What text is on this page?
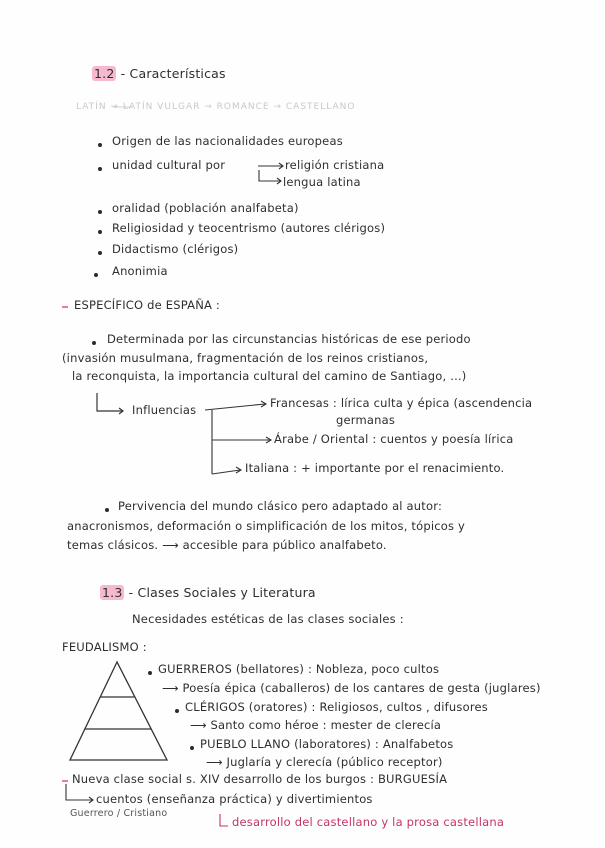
1.2 - Características
LATÍN → LATÍN VULGAR → ROMANCE → CASTELLANO
Origen de las nacionalidades europeas
unidad cultural por	religión cristiana
lengua latina
oralidad (población analfabeta)
Religiosidad y teocentrismo (autores clérigos)
Didactismo (clérigos)
Anonimia
ESPECÍFICO de ESPAÑA :
Determinada por las circunstancias históricas de ese periodo
(invasión musulmana, fragmentación de los reinos cristianos,
la reconquista, la importancia cultural del camino de Santiago, ...)
Influencias	Francesas : lírica culta y épica (ascendencia
germanas
Árabe / Oriental : cuentos y poesía lírica
Italiana : + importante por el renacimiento.
Pervivencia del mundo clásico pero adaptado al autor:
anacronismos, deformación o simplificación de los mitos, tópicos y
temas clásicos. ⟶ accesible para público analfabeto.
1.3 - Clases Sociales y Literatura
Necesidades estéticas de las clases sociales :
FEUDALISMO :
GUERREROS (bellatores) : Nobleza, poco cultos
⟶ Poesía épica (caballeros) de los cantares de gesta (juglares)
CLÉRIGOS (oratores) : Religiosos, cultos , difusores
⟶ Santo como héroe : mester de clerecía
PUEBLO LLANO (laboratores) : Analfabetos
⟶ Juglaría y clerecía (público receptor)
Nueva clase social s. XIV desarrollo de los burgos : BURGUESÍA
cuentos (enseñanza práctica) y divertimientos
Guerrero / Cristiano
desarrollo del castellano y la prosa castellana
